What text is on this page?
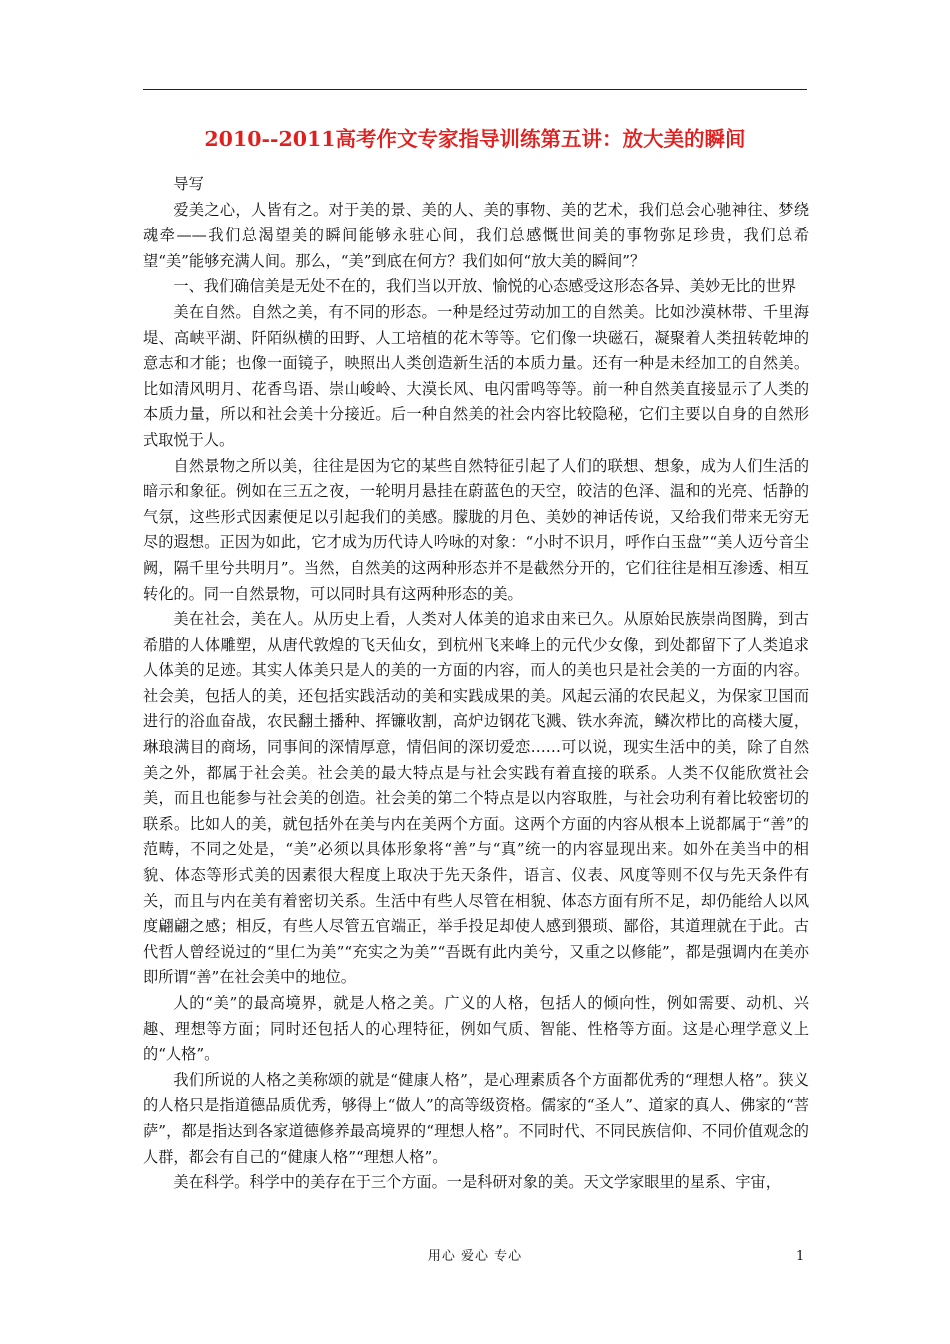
2010--2011高考作文专家指导训练第五讲：放大美的瞬间

导写

爱美之心，人皆有之。对于美的景、美的人、美的事物、美的艺术，我们总会心驰神往、梦绕魂牵——我们总渴望美的瞬间能够永驻心间，我们总感慨世间美的事物弥足珍贵，我们总希望“美”能够充满人间。那么，“美”到底在何方？我们如何“放大美的瞬间”？

一、我们确信美是无处不在的，我们当以开放、愉悦的心态感受这形态各异、美妙无比的世界

美在自然。自然之美，有不同的形态。一种是经过劳动加工的自然美。比如沙漠林带、千里海堤、高峡平湖、阡陌纵横的田野、人工培植的花木等等。它们像一块磁石，凝聚着人类扭转乾坤的意志和才能；也像一面镜子，映照出人类创造新生活的本质力量。还有一种是未经加工的自然美。比如清风明月、花香鸟语、崇山峻岭、大漠长风、电闪雷鸣等等。前一种自然美直接显示了人类的本质力量，所以和社会美十分接近。后一种自然美的社会内容比较隐秘，它们主要以自身的自然形式取悦于人。

自然景物之所以美，往往是因为它的某些自然特征引起了人们的联想、想象，成为人们生活的暗示和象征。例如在三五之夜，一轮明月悬挂在蔚蓝色的天空，皎洁的色泽、温和的光亮、恬静的气氛，这些形式因素便足以引起我们的美感。朦胧的月色、美妙的神话传说，又给我们带来无穷无尽的遐想。正因为如此，它才成为历代诗人吟咏的对象：“小时不识月，呼作白玉盘”“美人迈兮音尘阙，隔千里兮共明月”。当然，自然美的这两种形态并不是截然分开的，它们往往是相互渗透、相互转化的。同一自然景物，可以同时具有这两种形态的美。

美在社会，美在人。从历史上看，人类对人体美的追求由来已久。从原始民族崇尚图腾，到古希腊的人体雕塑，从唐代敦煌的飞天仙女，到杭州飞来峰上的元代少女像，到处都留下了人类追求人体美的足迹。其实人体美只是人的美的一方面的内容，而人的美也只是社会美的一方面的内容。社会美，包括人的美，还包括实践活动的美和实践成果的美。风起云涌的农民起义，为保家卫国而进行的浴血奋战，农民翻土播种、挥镰收割，高炉边钢花飞溅、铁水奔流，鳞次栉比的高楼大厦，琳琅满目的商场，同事间的深情厚意，情侣间的深切爱恋……可以说，现实生活中的美，除了自然美之外，都属于社会美。社会美的最大特点是与社会实践有着直接的联系。人类不仅能欣赏社会美，而且也能参与社会美的创造。社会美的第二个特点是以内容取胜，与社会功利有着比较密切的联系。比如人的美，就包括外在美与内在美两个方面。这两个方面的内容从根本上说都属于“善”的范畴，不同之处是，“美”必须以具体形象将“善”与“真”统一的内容显现出来。如外在美当中的相貌、体态等形式美的因素很大程度上取决于先天条件，语言、仪表、风度等则不仅与先天条件有关，而且与内在美有着密切关系。生活中有些人尽管在相貌、体态方面有所不足，却仍能给人以风度翩翩之感；相反，有些人尽管五官端正，举手投足却使人感到猥琐、鄙俗，其道理就在于此。古代哲人曾经说过的“里仁为美”“充实之为美”“吾既有此内美兮，又重之以修能”，都是强调内在美亦即所谓“善”在社会美中的地位。

人的“美”的最高境界，就是人格之美。广义的人格，包括人的倾向性，例如需要、动机、兴趣、理想等方面；同时还包括人的心理特征，例如气质、智能、性格等方面。这是心理学意义上的“人格”。

我们所说的人格之美称颂的就是“健康人格”，是心理素质各个方面都优秀的“理想人格”。狭义的人格只是指道德品质优秀，够得上“做人”的高等级资格。儒家的“圣人”、道家的真人、佛家的“菩萨”，都是指达到各家道德修养最高境界的“理想人格”。不同时代、不同民族信仰、不同价值观念的人群，都会有自己的“健康人格”“理想人格”。

美在科学。科学中的美存在于三个方面。一是科研对象的美。天文学家眼里的星系、宇宙，

用心 爱心 专心	1
